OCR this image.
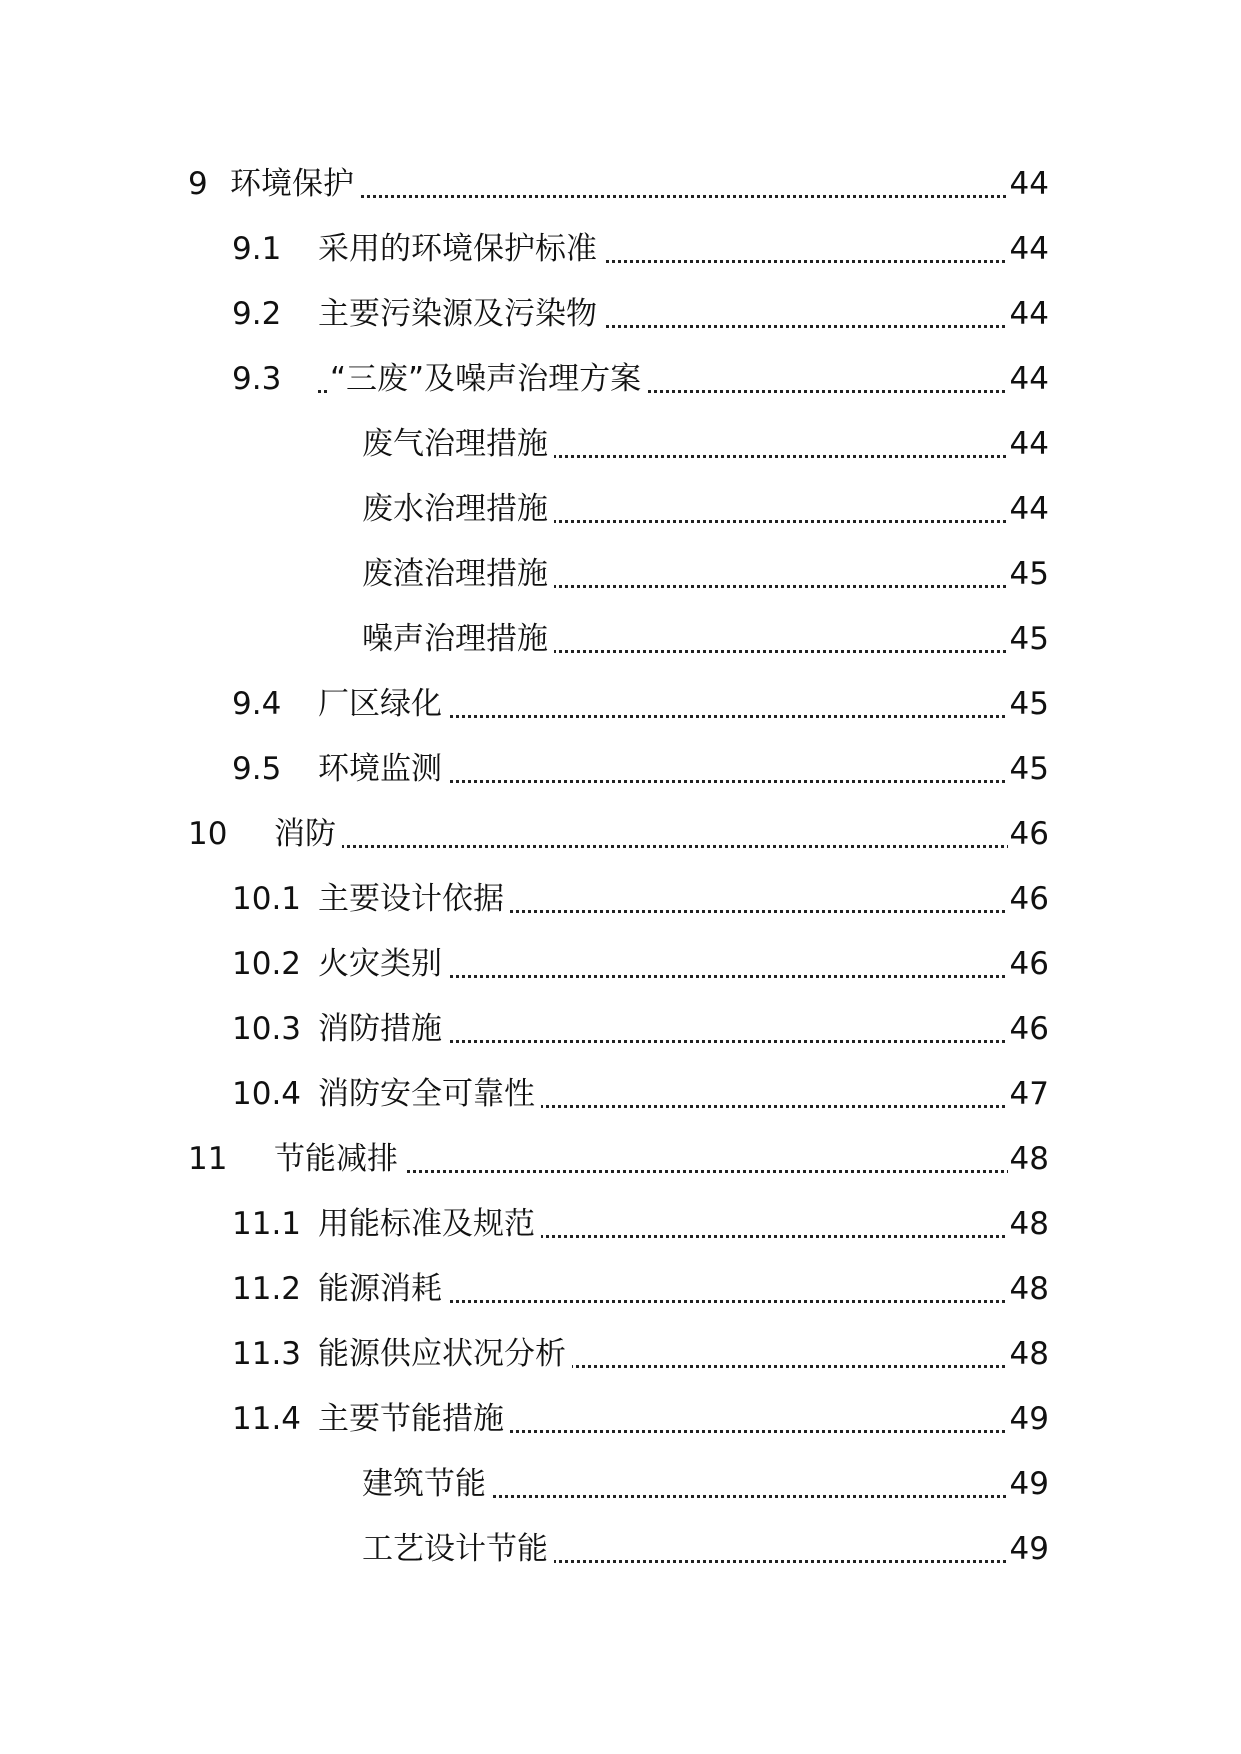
9 环境保护	44
9.1 采用的环境保护标准	44
9.2 主要污染源及污染物	44
9.3 “三废”及噪声治理方案	44
废气治理措施	44
废水治理措施	44
废渣治理措施	45
噪声治理措施	45
9.4 厂区绿化	45
9.5 环境监测	45
10 消防	46
10.1 主要设计依据	46
10.2 火灾类别	46
10.3 消防措施	46
10.4 消防安全可靠性	47
11 节能减排	48
11.1 用能标准及规范	48
11.2 能源消耗	48
11.3 能源供应状况分析	48
11.4 主要节能措施	49
建筑节能	49
工艺设计节能	49
